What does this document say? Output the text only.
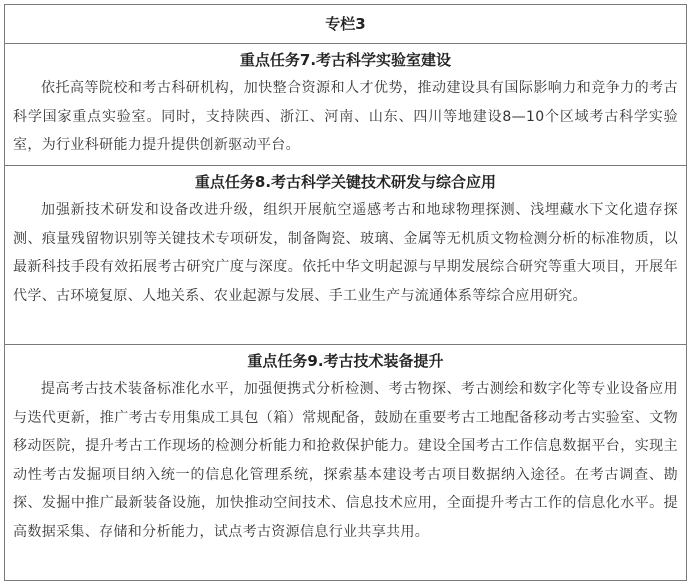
专栏3
重点任务7.考古科学实验室建设
依托高等院校和考古科研机构，加快整合资源和人才优势，推动建设具有国际影响力和竞争力的考古科学国家重点实验室。同时，支持陕西、浙江、河南、山东、四川等地建设8—10个区域考古科学实验室，为行业科研能力提升提供创新驱动平台。
重点任务8.考古科学关键技术研发与综合应用
加强新技术研发和设备改进升级，组织开展航空遥感考古和地球物理探测、浅埋藏水下文化遗存探测、痕量残留物识别等关键技术专项研发，制备陶瓷、玻璃、金属等无机质文物检测分析的标准物质，以最新科技手段有效拓展考古研究广度与深度。依托中华文明起源与早期发展综合研究等重大项目，开展年代学、古环境复原、人地关系、农业起源与发展、手工业生产与流通体系等综合应用研究。
重点任务9.考古技术装备提升
提高考古技术装备标准化水平，加强便携式分析检测、考古物探、考古测绘和数字化等专业设备应用与迭代更新，推广考古专用集成工具包（箱）常规配备，鼓励在重要考古工地配备移动考古实验室、文物移动医院，提升考古工作现场的检测分析能力和抢救保护能力。建设全国考古工作信息数据平台，实现主动性考古发掘项目纳入统一的信息化管理系统，探索基本建设考古项目数据纳入途径。在考古调查、勘探、发掘中推广最新装备设施，加快推动空间技术、信息技术应用，全面提升考古工作的信息化水平。提高数据采集、存储和分析能力，试点考古资源信息行业共享共用。
